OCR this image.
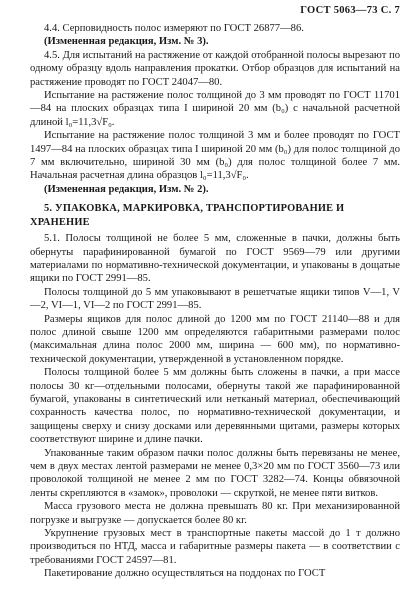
ГОСТ 5063—73 С. 7

4.4. Серповидность полос измеряют по ГОСТ 26877—86.

(Измененная редакция, Изм. № 3).

4.5. Для испытаний на растяжение от каждой отобранной полосы вырезают по одному образцу вдоль направления прокатки. Отбор образцов для испытаний на растяжение проводят по ГОСТ 24047—80.

Испытание на растяжение полос толщиной до 3 мм проводят по ГОСТ 11701—84 на плоских образцах типа I шириной 20 мм (b₀) с начальной расчетной длиной l₀=11,3√F₀.

Испытание на растяжение полос толщиной 3 мм и более проводят по ГОСТ 1497—84 на плоских образцах типа I шириной 20 мм (b₀) для полос толщиной до 7 мм включительно, шириной 30 мм (b₀) для полос толщиной более 7 мм. Начальная расчетная длина образцов l₀=11,3√F₀.

(Измененная редакция, Изм. № 2).

5. УПАКОВКА, МАРКИРОВКА, ТРАНСПОРТИРОВАНИЕ И ХРАНЕНИЕ

5.1. Полосы толщиной не более 5 мм, сложенные в пачки, должны быть обернуты парафинированной бумагой по ГОСТ 9569—79 или другими материалами по нормативно-технической документации, и упакованы в дощатые ящики по ГОСТ 2991—85.

Полосы толщиной до 5 мм упаковывают в решетчатые ящики типов V—1, V—2, VI—1, VI—2 по ГОСТ 2991—85.

Размеры ящиков для полос длиной до 1200 мм по ГОСТ 21140—88 и для полос длиной свыше 1200 мм определяются габаритными размерами полос (максимальная длина полос 2000 мм, ширина — 600 мм), по нормативно-технической документации, утвержденной в установленном порядке.

Полосы толщиной более 5 мм должны быть сложены в пачки, а при массе полосы 30 кг—отдельными полосами, обернуты такой же парафинированной бумагой, упакованы в синтетический или нетканый материал, обеспечивающий сохранность качества полос, по нормативно-технической документации, и защищены сверху и снизу досками или деревянными щитами, размеры которых соответствуют ширине и длине пачки.

Упакованные таким образом пачки полос должны быть перевязаны не менее, чем в двух местах лентой размерами не менее 0,3×20 мм по ГОСТ 3560—73 или проволокой толщиной не менее 2 мм по ГОСТ 3282—74. Концы обвязочной ленты скрепляются в «замок», проволоки — скруткой, не менее пяти витков.

Масса грузового места не должна превышать 80 кг. При механизированной погрузке и выгрузке — допускается более 80 кг.

Укрупнение грузовых мест в транспортные пакеты массой до 1 т должно производиться по НТД, масса и габаритные размеры пакета — в соответствии с требованиями ГОСТ 24597—81.

Пакетирование должно осуществляться на поддонах по ГОСТ
